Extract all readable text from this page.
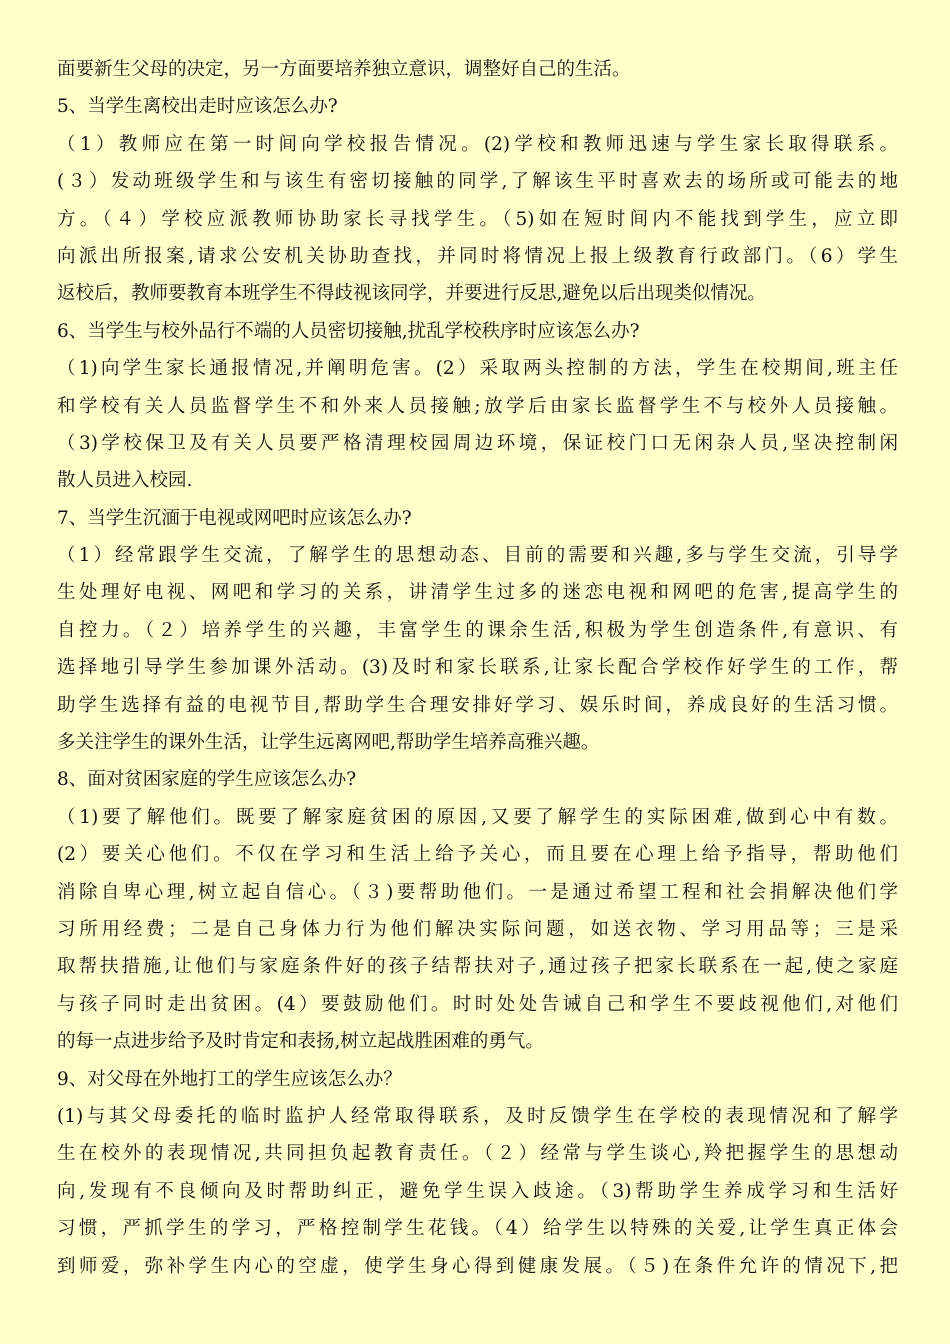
面要新生父母的决定，另一方面要培养独立意识，调整好自己的生活。

5、当学生离校出走时应该怎么办?

（1）教师应在第一时间向学校报告情况。(2)学校和教师迅速与学生家长取得联系。

(３）发动班级学生和与该生有密切接触的同学,了解该生平时喜欢去的场所或可能去的地

方。（４）学校应派教师协助家长寻找学生。（5)如在短时间内不能找到学生，应立即

向派出所报案,请求公安机关协助查找，并同时将情况上报上级教育行政部门。（6）学生

返校后，教师要教育本班学生不得歧视该同学，并要进行反思,避免以后出现类似情况。

6、当学生与校外品行不端的人员密切接触,扰乱学校秩序时应该怎么办?

（1)向学生家长通报情况,并阐明危害。(2）采取两头控制的方法，学生在校期间,班主任

和学校有关人员监督学生不和外来人员接触;放学后由家长监督学生不与校外人员接触。

（3)学校保卫及有关人员要严格清理校园周边环境，保证校门口无闲杂人员,坚决控制闲

散人员进入校园.

7、当学生沉湎于电视或网吧时应该怎么办?

（1）经常跟学生交流，了解学生的思想动态、目前的需要和兴趣,多与学生交流，引导学

生处理好电视、网吧和学习的关系，讲清学生过多的迷恋电视和网吧的危害,提高学生的

自控力。（２）培养学生的兴趣，丰富学生的课余生活,积极为学生创造条件,有意识、有

选择地引导学生参加课外活动。(3)及时和家长联系,让家长配合学校作好学生的工作，帮

助学生选择有益的电视节目,帮助学生合理安排好学习、娱乐时间，养成良好的生活习惯。

多关注学生的课外生活，让学生远离网吧,帮助学生培养高雅兴趣。

8、面对贫困家庭的学生应该怎么办?

（1)要了解他们。既要了解家庭贫困的原因,又要了解学生的实际困难,做到心中有数。

(2）要关心他们。不仅在学习和生活上给予关心，而且要在心理上给予指导，帮助他们

消除自卑心理,树立起自信心。（３)要帮助他们。一是通过希望工程和社会捐解决他们学

习所用经费；二是自己身体力行为他们解决实际问题，如送衣物、学习用品等；三是采

取帮扶措施,让他们与家庭条件好的孩子结帮扶对子,通过孩子把家长联系在一起,使之家庭

与孩子同时走出贫困。(4）要鼓励他们。时时处处告诫自己和学生不要歧视他们,对他们

的每一点进步给予及时肯定和表扬,树立起战胜困难的勇气。

9、对父母在外地打工的学生应该怎么办？

(1)与其父母委托的临时监护人经常取得联系，及时反馈学生在学校的表现情况和了解学

生在校外的表现情况,共同担负起教育责任。（２）经常与学生谈心,羚把握学生的思想动

向,发现有不良倾向及时帮助纠正，避免学生误入歧途。（3)帮助学生养成学习和生活好

习惯，严抓学生的学习，严格控制学生花钱。（4）给学生以特殊的关爱,让学生真正体会

到师爱，弥补学生内心的空虚，使学生身心得到健康发展。（５)在条件允许的情况下,把
